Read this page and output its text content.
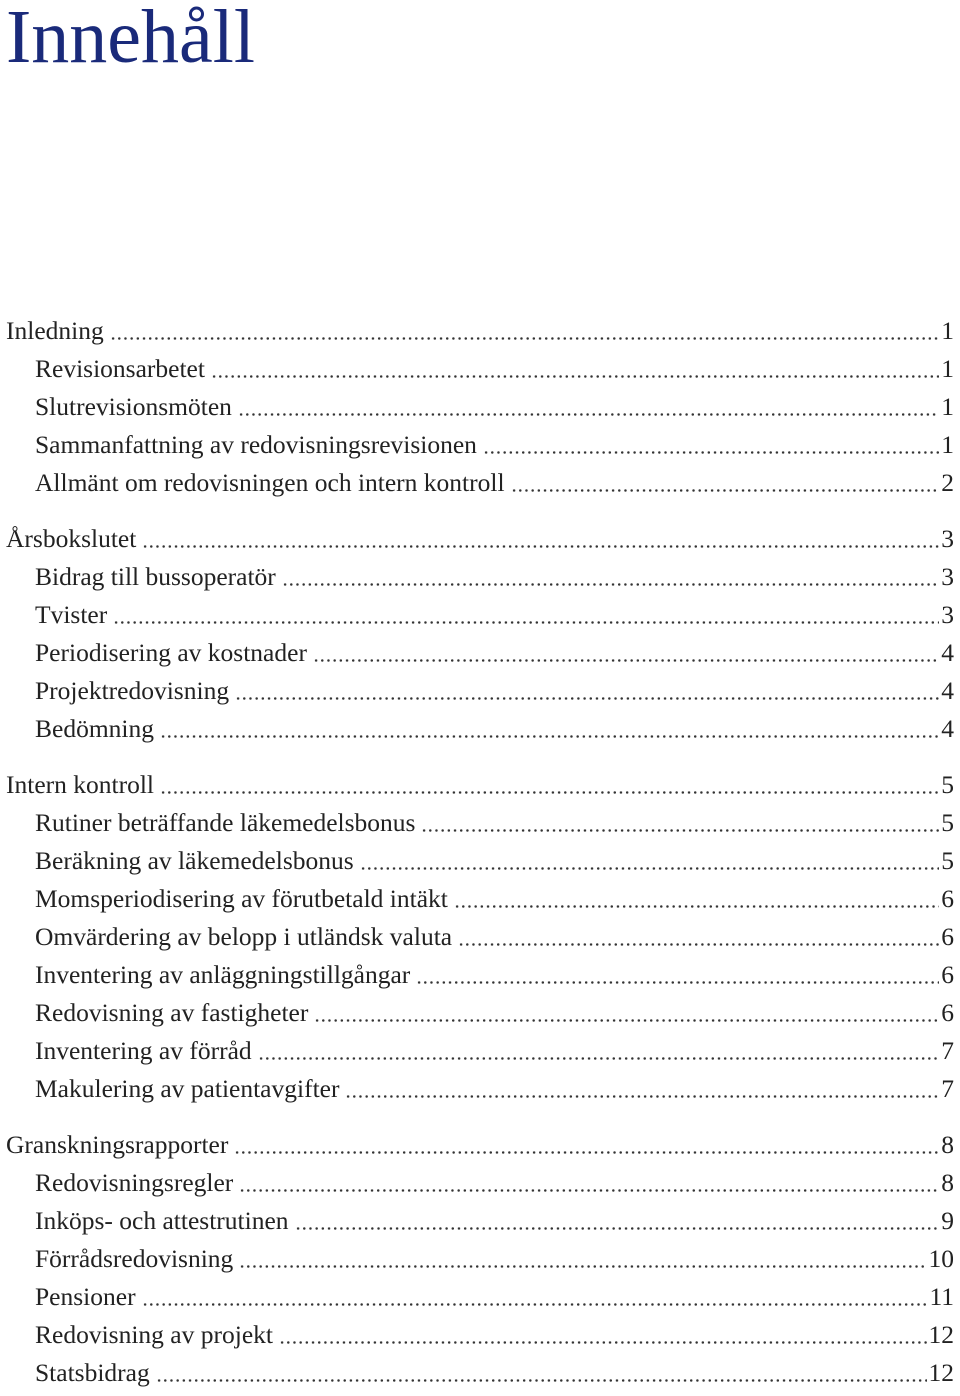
Innehåll
Inledning	1
Revisionsarbetet	1
Slutrevisionsmöten	1
Sammanfattning av redovisningsrevisionen	1
Allmänt om redovisningen och intern kontroll	2
Årsbokslutet	3
Bidrag till bussoperatör	3
Tvister	3
Periodisering av kostnader	4
Projektredovisning	4
Bedömning	4
Intern kontroll	5
Rutiner beträffande läkemedelsbonus	5
Beräkning av läkemedelsbonus	5
Momsperiodisering av förutbetald intäkt	6
Omvärdering av belopp i utländsk valuta	6
Inventering av anläggningstillgångar	6
Redovisning av fastigheter	6
Inventering av förråd	7
Makulering av patientavgifter	7
Granskningsrapporter	8
Redovisningsregler	8
Inköps- och attestrutinen	9
Förrådsredovisning	10
Pensioner	11
Redovisning av projekt	12
Statsbidrag	12
